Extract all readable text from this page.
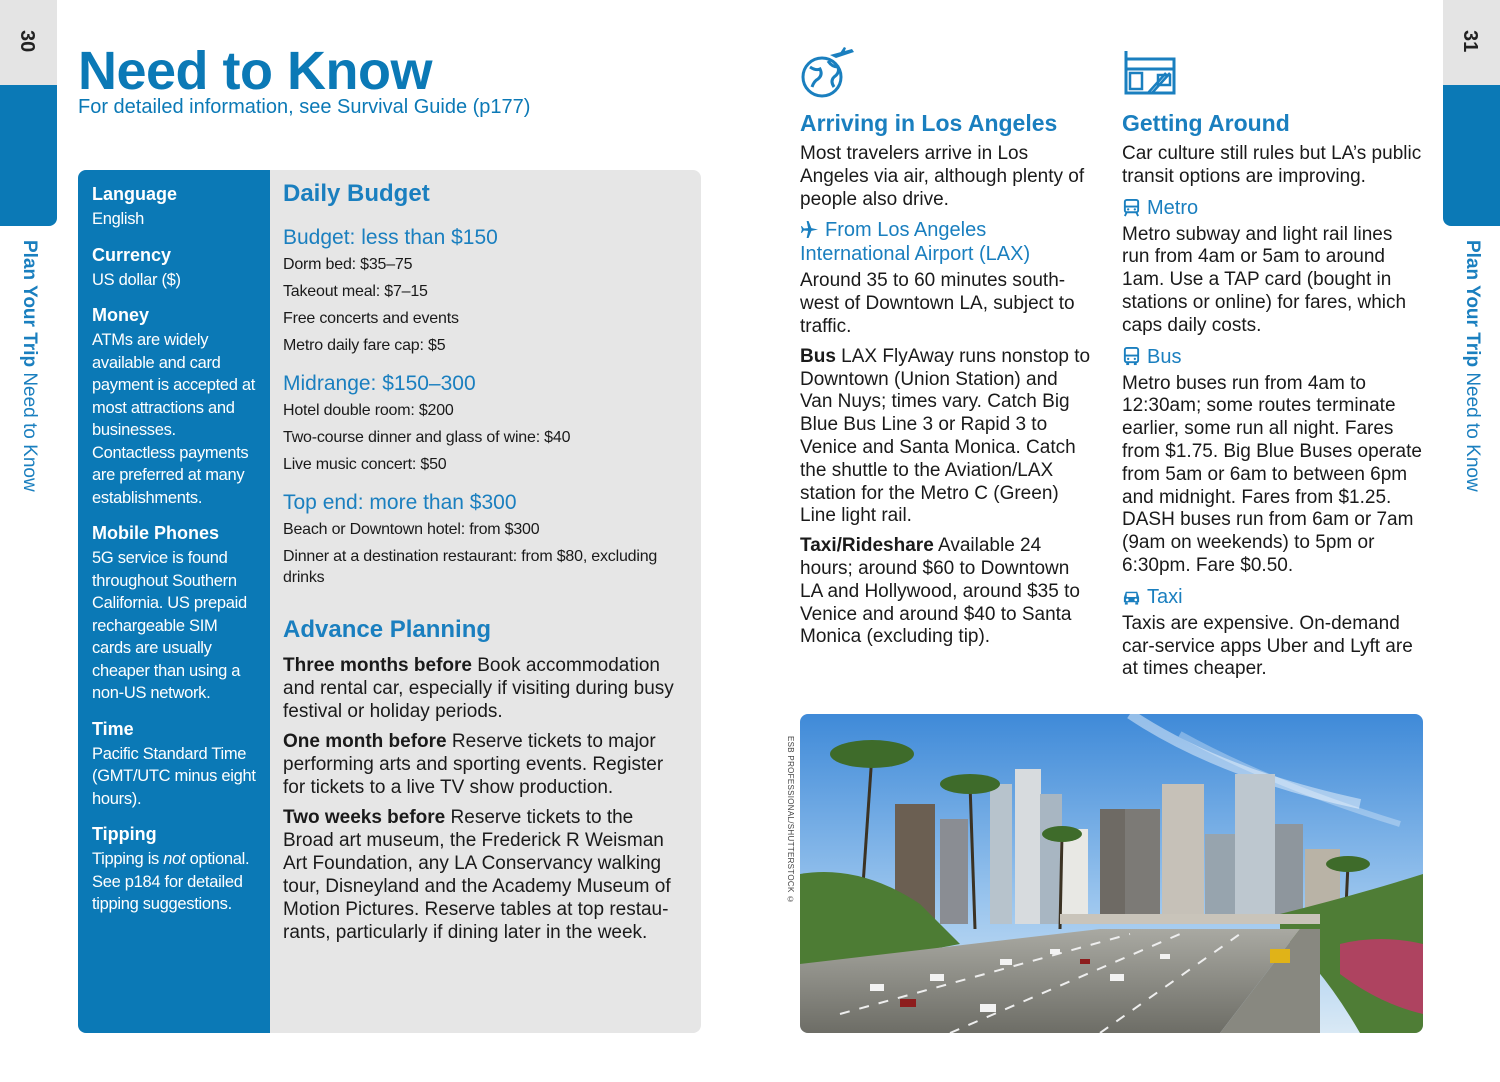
30
Plan Your Trip Need to Know
31
Plan Your Trip Need to Know
Need to Know
For detailed information, see Survival Guide (p177)
Language
English
Currency
US dollar ($)
Money
ATMs are widely available and card payment is accepted at most attractions and businesses. Contactless payments are preferred at many establishments.
Mobile Phones
5G service is found throughout Southern California. US prepaid rechargeable SIM cards are usually cheaper than using a non-US network.
Time
Pacific Standard Time (GMT/UTC minus eight hours).
Tipping
Tipping is not optional. See p184 for detailed tipping suggestions.
Daily Budget
Budget: less than $150
Dorm bed: $35–75
Takeout meal: $7–15
Free concerts and events
Metro daily fare cap: $5
Midrange: $150–300
Hotel double room: $200
Two-course dinner and glass of wine: $40
Live music concert: $50
Top end: more than $300
Beach or Downtown hotel: from $300
Dinner at a destination restaurant: from $80, excluding drinks
Advance Planning

Three months before Book accommodation and rental car, especially if visiting during busy festival or holiday periods.

One month before Reserve tickets to major performing arts and sporting events. Register for tickets to a live TV show production.

Two weeks before Reserve tickets to the Broad art museum, the Frederick R Weisman Art Foundation, any LA Conservancy walking tour, Disneyland and the Academy Museum of Motion Pictures. Reserve tables at top restaurants, particularly if dining later in the week.

Arriving in Los Angeles

Most travelers arrive in Los Angeles via air, although plenty of people also drive.

From Los Angeles International Airport (LAX)

Around 35 to 60 minutes southwest of Downtown LA, subject to traffic.

Bus LAX FlyAway runs nonstop to Downtown (Union Station) and Van Nuys; times vary. Catch Big Blue Bus Line 3 or Rapid 3 to Venice and Santa Monica. Catch the shuttle to the Aviation/LAX station for the Metro C (Green) Line light rail.

Taxi/Rideshare Available 24 hours; around $60 to Downtown LA and Hollywood, around $35 to Venice and around $40 to Santa Monica (excluding tip).

Getting Around

Car culture still rules but LA’s public transit options are improving.

Metro

Metro subway and light rail lines run from 4am or 5am to around 1am. Use a TAP card (bought in stations or online) for fares, which caps daily costs.

Bus

Metro buses run from 4am to 12:30am; some routes terminate earlier, some run all night. Fares from $1.75. Big Blue Buses operate from 5am or 6am to between 6pm and midnight. Fares from $1.25. DASH buses run from 6am or 7am (9am on weekends) to 5pm or 6:30pm. Fare $0.50.

Taxi

Taxis are expensive. On-demand car-service apps Uber and Lyft are at times cheaper.

ESB PROFESSIONAL/SHUTTERSTOCK ©
